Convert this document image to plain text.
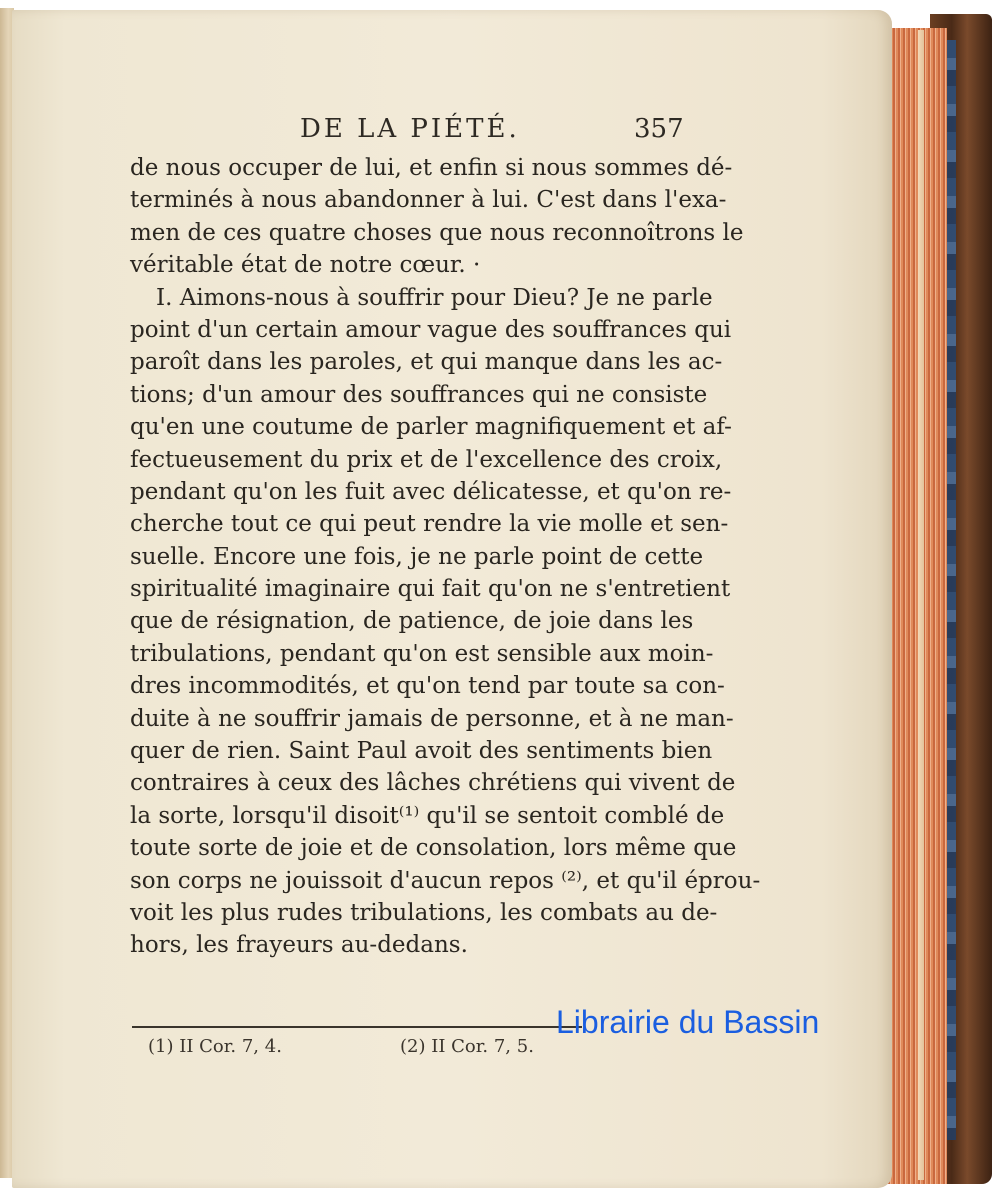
DE LA PIÉTÉ.	357
de nous occuper de lui, et enfin si nous sommes dé-
terminés à nous abandonner à lui. C'est dans l'exa-
men de ces quatre choses que nous reconnoîtrons le
véritable état de notre cœur. ·
I. Aimons-nous à souffrir pour Dieu? Je ne parle
point d'un certain amour vague des souffrances qui
paroît dans les paroles, et qui manque dans les ac-
tions; d'un amour des souffrances qui ne consiste
qu'en une coutume de parler magnifiquement et af-
fectueusement du prix et de l'excellence des croix,
pendant qu'on les fuit avec délicatesse, et qu'on re-
cherche tout ce qui peut rendre la vie molle et sen-
suelle. Encore une fois, je ne parle point de cette
spiritualité imaginaire qui fait qu'on ne s'entretient
que de résignation, de patience, de joie dans les
tribulations, pendant qu'on est sensible aux moin-
dres incommodités, et qu'on tend par toute sa con-
duite à ne souffrir jamais de personne, et à ne man-
quer de rien. Saint Paul avoit des sentiments bien
contraires à ceux des lâches chrétiens qui vivent de
la sorte, lorsqu'il disoit⁽¹⁾ qu'il se sentoit comblé de
toute sorte de joie et de consolation, lors même que
son corps ne jouissoit d'aucun repos ⁽²⁾, et qu'il éprou-
voit les plus rudes tribulations, les combats au de-
hors, les frayeurs au-dedans.
(1) II Cor. 7, 4.	(2) II Cor. 7, 5.
Librairie du Bassin
